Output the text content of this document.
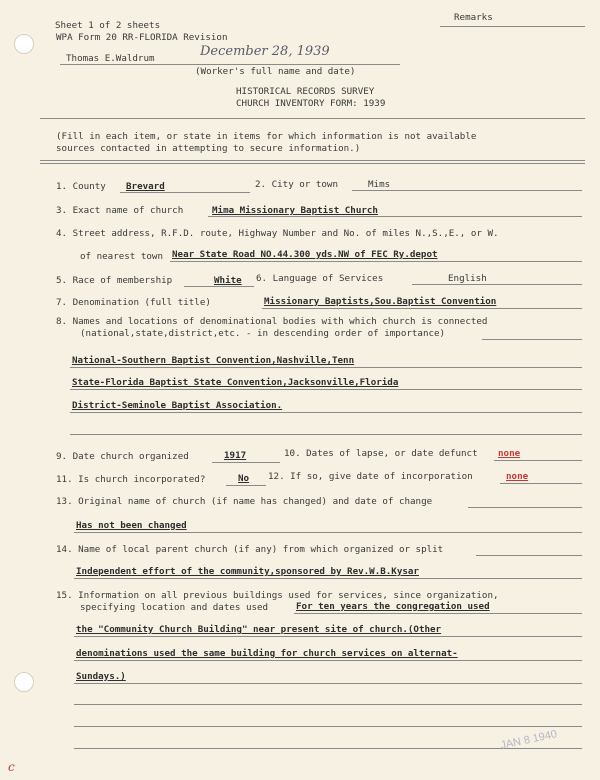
Sheet 1 of 2 sheets
WPA Form 20 RR-FLORIDA Revision
Remarks
Thomas E.Waldrum	December 28, 1939
(Worker's full name and date)
HISTORICAL RECORDS SURVEY
CHURCH INVENTORY FORM: 1939
(Fill in each item, or state in items for which information is not available
sources contacted in attempting to secure information.)
1. County Brevard	2. City or town	Mims
3. Exact name of church	Mima Missionary Baptist Church
4. Street address, R.F.D. route, Highway Number and No. of miles N.,S.,E., or W.
of nearest town Near State Road NO.44.300 yds.NW of FEC Ry.depot
5. Race of membership	White 6. Language of Services	English
7. Denomination (full title)	Missionary Baptists,Sou.Baptist Convention
8. Names and locations of denominational bodies with which church is connected
(national,state,district,etc. - in descending order of importance)
National-Southern Baptist Convention,Nashville,Tenn
State-Florida Baptist State Convention,Jacksonville,Florida
District-Seminole Baptist Association.
9. Date church organized	1917	10. Dates of lapse, or date defunct none
11. Is church incorporated?	No 12. If so, give date of incorporation	none
13. Original name of church (if name has changed) and date of change
Has not been changed
14. Name of local parent church (if any) from which organized or split
Independent effort of the community,sponsored by Rev.W.B.Kysar
15. Information on all previous buildings used for services, since organization,
specifying location and dates used	For ten years the congregation used
the "Community Church Building" near present site of church.(Other
denominations used the same building for church services on alternat-
Sundays.)
JAN 8 1940
c
